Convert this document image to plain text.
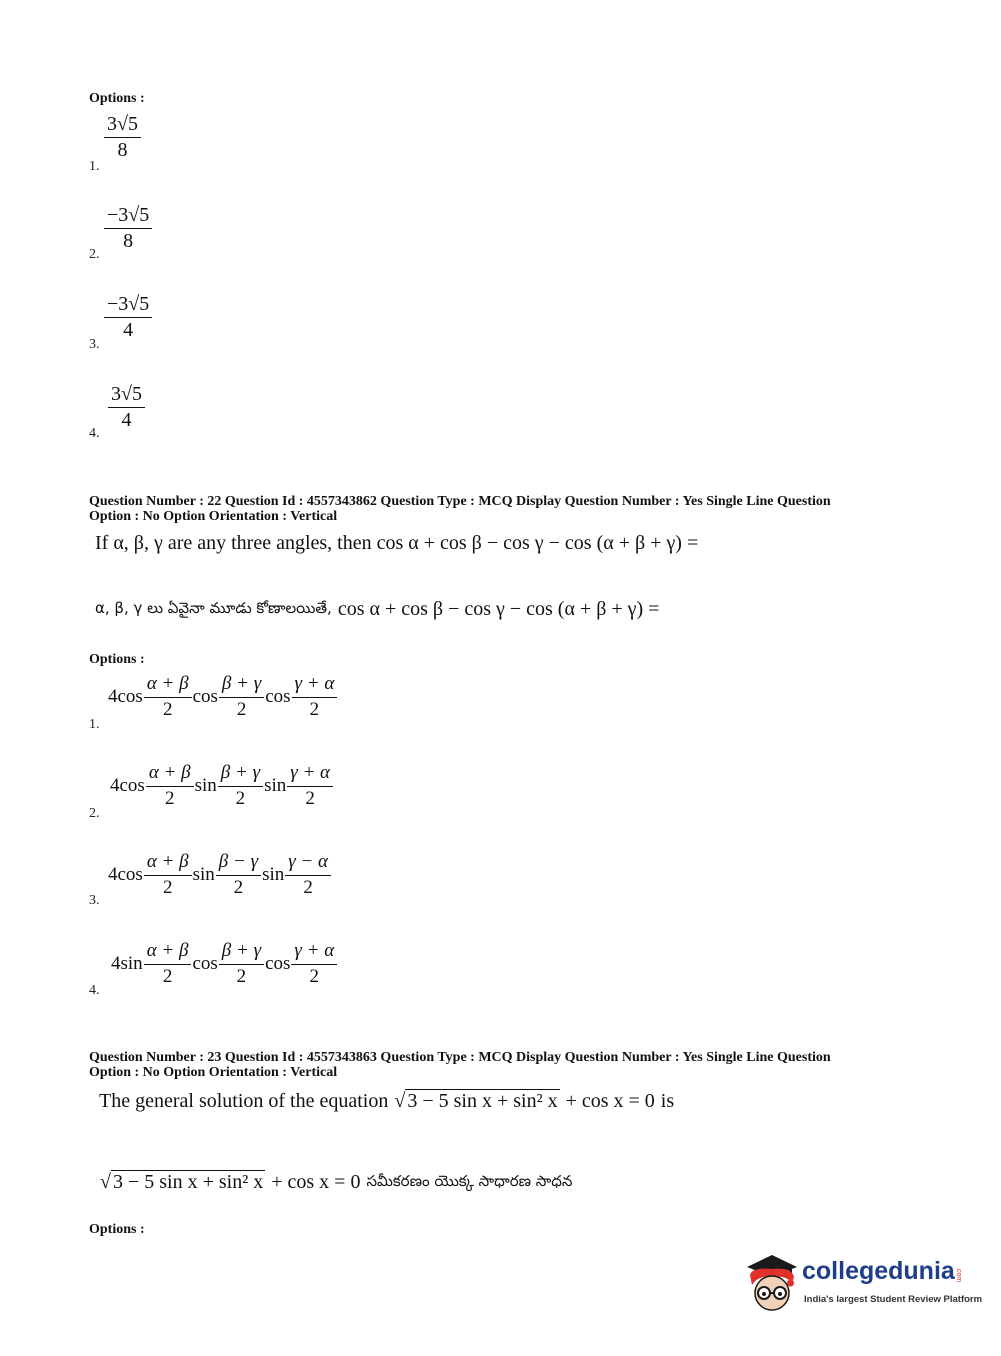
Options :
1.
$\frac{3√5}{8}$
2.
$\frac{-3√5}{8}$
3.
$\frac{-3√5}{4}$
4.
$\frac{3√5}{4}$
Question Number : 22 Question Id : 4557343862 Question Type : MCQ Display Question Number : Yes Single Line Question
Option : No Option Orientation : Vertical
If α, β, γ are any three angles, then cos α + cos β − cos γ − cos (α + β + γ) =
α, β, γ లు ఏవైనా మూడు కోణాలయితే, cos α + cos β − cos γ − cos (α + β + γ) =
Options :
1.
$4\cos \frac{\alpha + \beta}{2}$ $\cos \frac{\beta + \gamma}{2}$ $\cos \frac{\gamma + \alpha}{2}$
2.
$4\cos \frac{\alpha + \beta}{2}$ $\sin \frac{\beta + \gamma}{2}$ $\sin \frac{\gamma + \alpha}{2}$
3.
$4\cos \frac{\alpha + \beta}{2}$ $\sin \frac{\beta - \gamma}{2}$ $\sin \frac{\gamma - \alpha}{2}$
4.
$4\sin \frac{\alpha + \beta}{2}$ $\cos \frac{\beta + \gamma}{2}$ $\cos \frac{\gamma + \alpha}{2}$
Question Number : 23 Question Id : 4557343863 Question Type : MCQ Display Question Number : Yes Single Line Question
Option : No Option Orientation : Vertical
The general solution of the equation √ 3 − 5 sin x + sin² x + cos x = 0 is
√ 3 − 5 sin x + sin² x + cos x = 0 సమీకరణం యొక్క సాధారణ సాధన
Options :
collegedunia .com
India's largest Student Review Platform
